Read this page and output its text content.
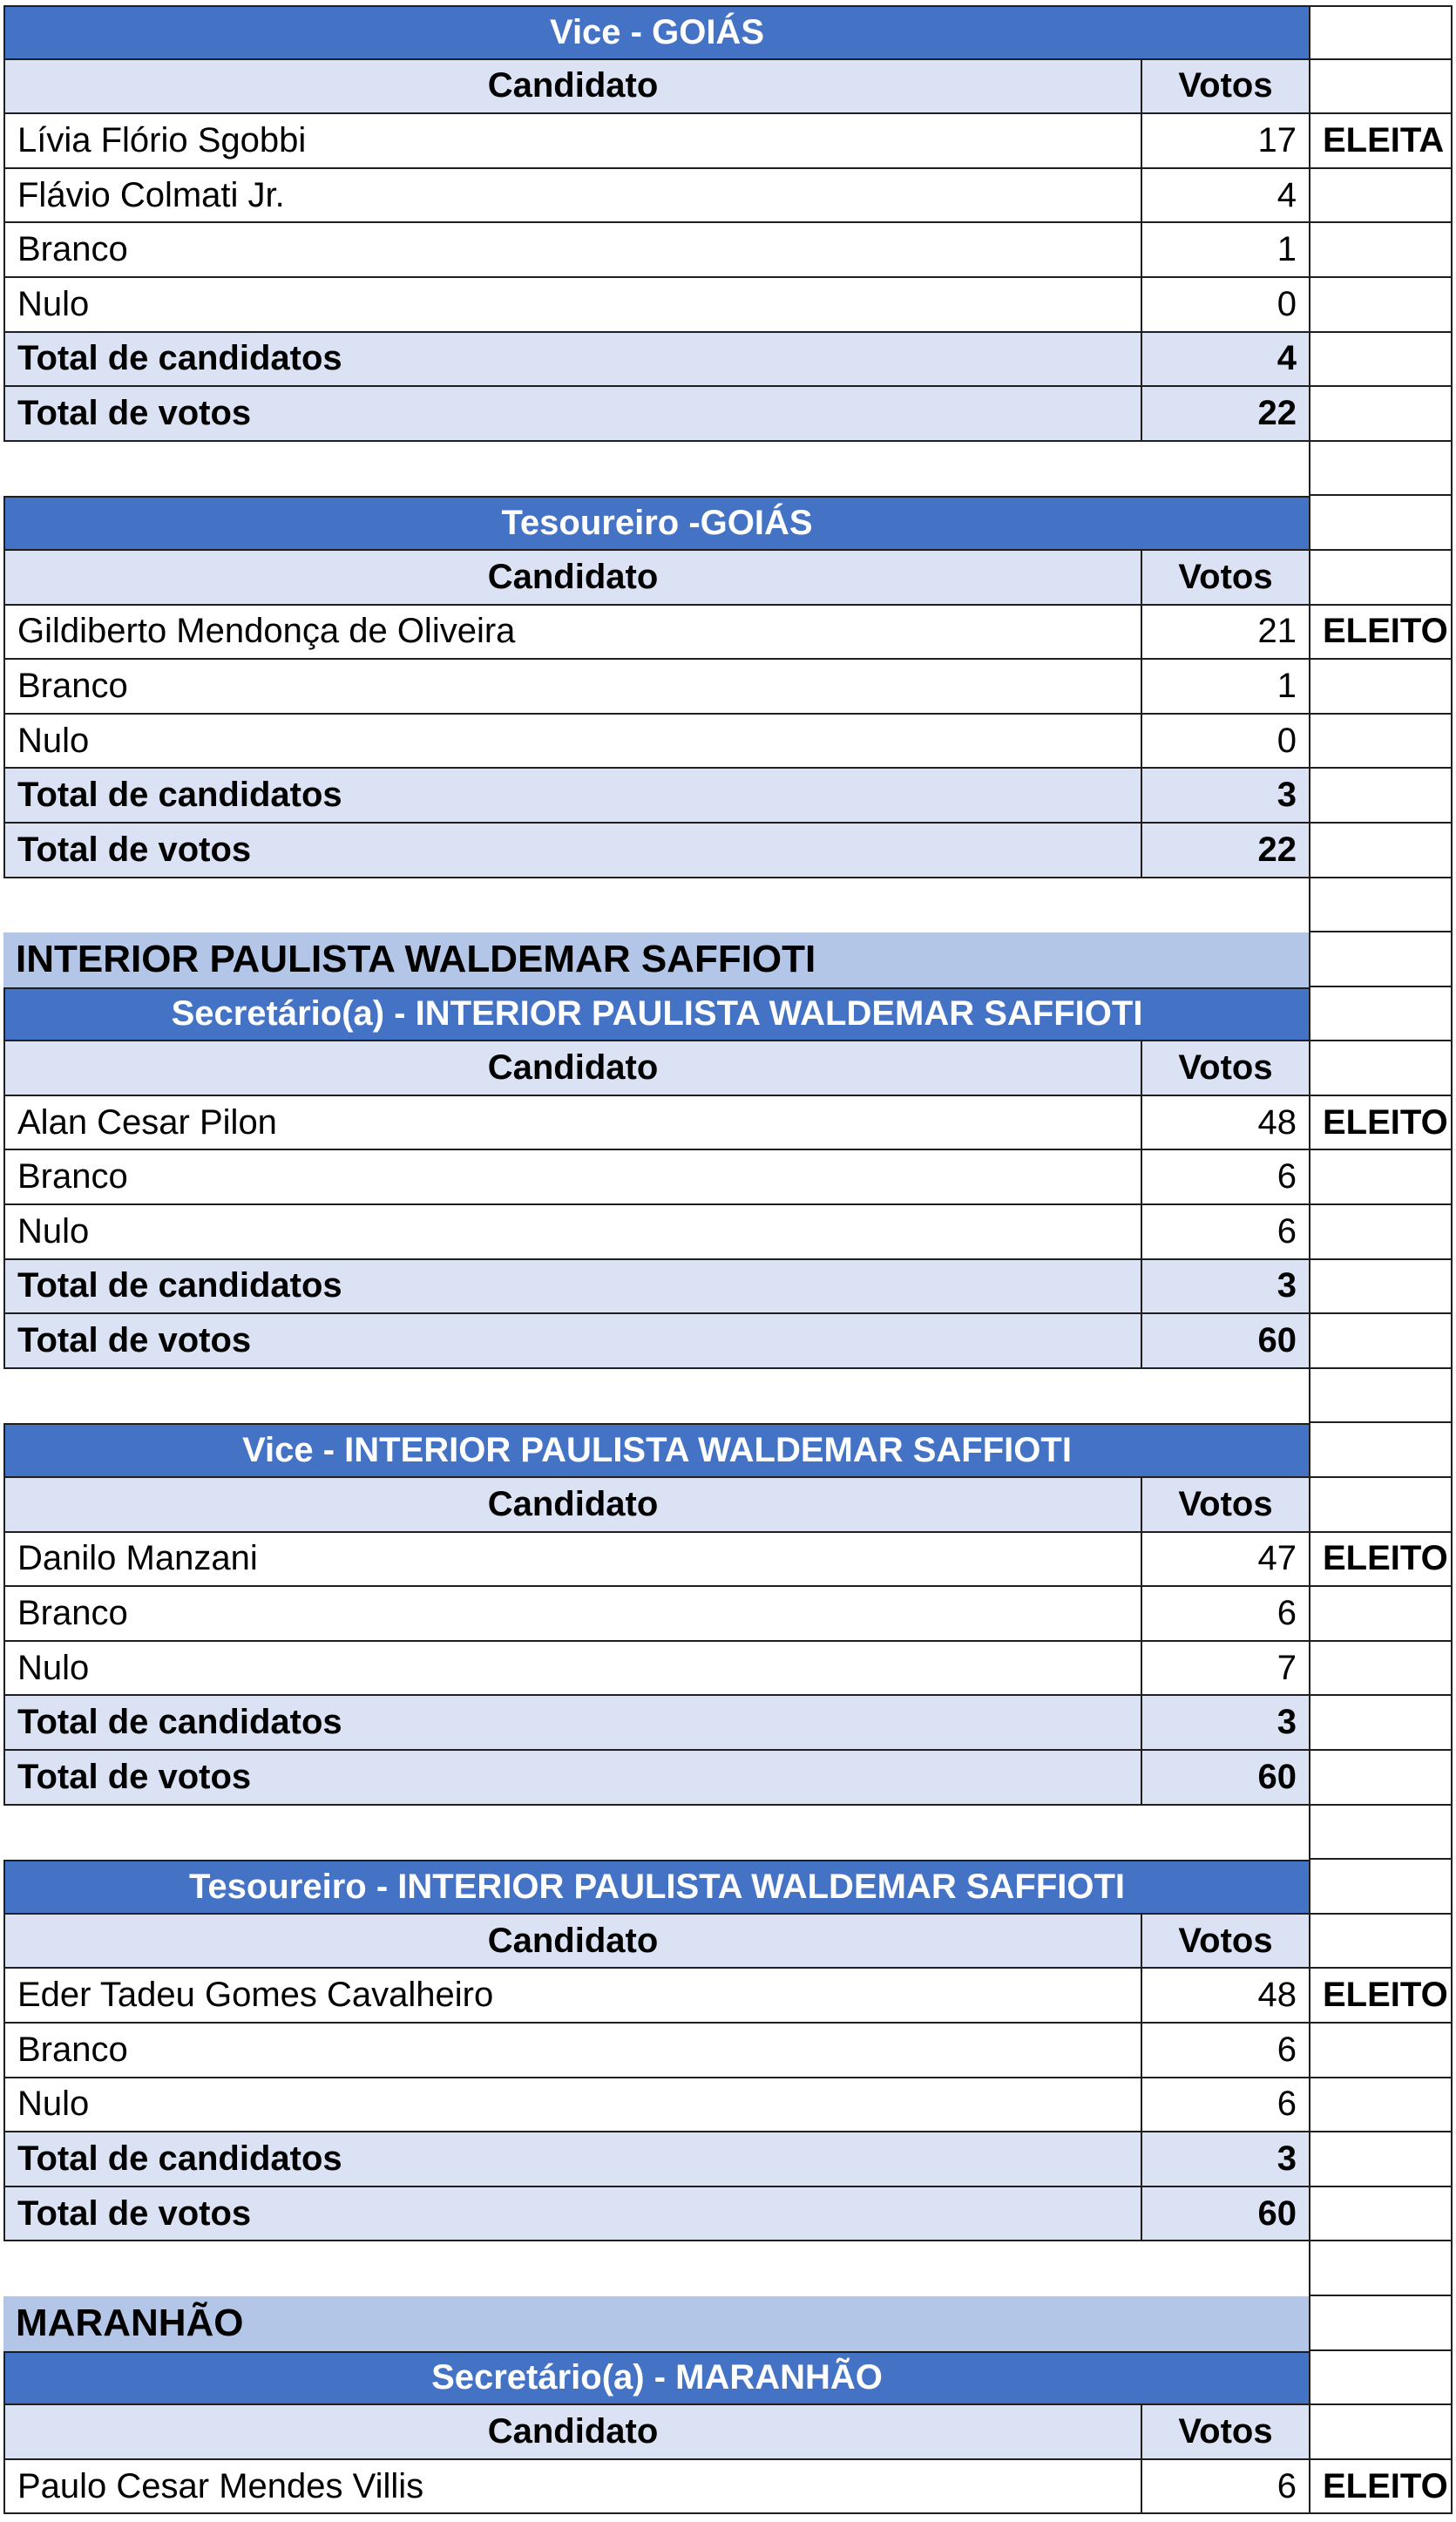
Vice - GOIÁS
Candidato	Votos
Lívia Flório Sgobbi	17 ELEITA
Flávio Colmati Jr.	4
Branco	1
Nulo	0
Total de candidatos	4
Total de votos	22
Tesoureiro -GOIÁS
Candidato	Votos
Gildiberto Mendonça de Oliveira	21 ELEITO
Branco	1
Nulo	0
Total de candidatos	3
Total de votos	22
INTERIOR PAULISTA WALDEMAR SAFFIOTI
Secretário(a) - INTERIOR PAULISTA WALDEMAR SAFFIOTI
Candidato	Votos
Alan Cesar Pilon	48 ELEITO
Branco	6
Nulo	6
Total de candidatos	3
Total de votos	60
Vice - INTERIOR PAULISTA WALDEMAR SAFFIOTI
Candidato	Votos
Danilo Manzani	47 ELEITO
Branco	6
Nulo	7
Total de candidatos	3
Total de votos	60
Tesoureiro - INTERIOR PAULISTA WALDEMAR SAFFIOTI
Candidato	Votos
Eder Tadeu Gomes Cavalheiro	48 ELEITO
Branco	6
Nulo	6
Total de candidatos	3
Total de votos	60
MARANHÃO
Secretário(a) - MARANHÃO
Candidato	Votos
Paulo Cesar Mendes Villis	6 ELEITO
